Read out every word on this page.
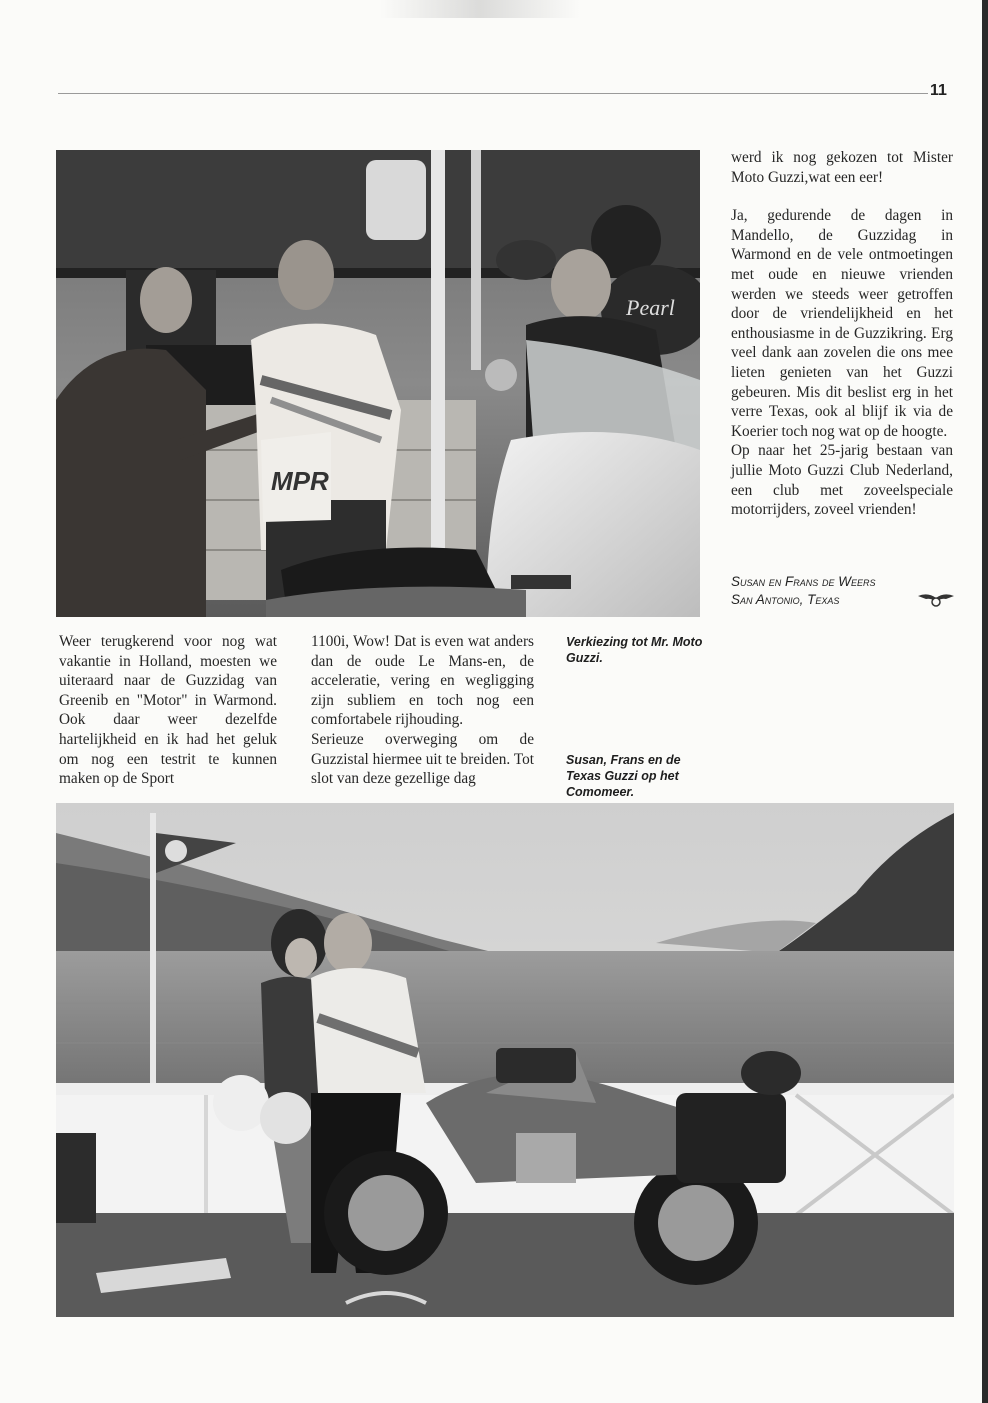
11
Pearl
MPR

werd ik nog gekozen tot Mister Moto Guzzi,wat een eer!

Ja, gedurende de dagen in Mandello, de Guzzidag in Warmond en de vele ontmoetingen met oude en nieuwe vrienden werden we steeds weer getroffen door de vriendelijkheid en het enthousiasme in de Guzzikring. Erg veel dank aan zovelen die ons mee lieten genieten van het Guzzi gebeuren. Mis dit beslist erg in het verre Texas, ook al blijf ik via de Koerier toch nog wat op de hoogte.

Op naar het 25-jarig bestaan van jullie Moto Guzzi Club Nederland, een club met zoveelspeciale motorrijders, zoveel vrienden!

Susan en Frans de Weers
San Antonio, Texas

Weer terugkerend voor nog wat vakantie in Holland, moesten we uiteraard naar de Guzzidag van Greenib en "Motor" in Warmond. Ook daar weer dezelfde hartelijkheid en ik had het geluk om nog een testrit te kunnen maken op de Sport

1100i, Wow! Dat is even wat anders dan de oude Le Mans-en, de acceleratie, vering en wegligging zijn subliem en toch nog een comfortabele rijhouding.

Serieuze overweging om de Guzzistal hiermee uit te breiden. Tot slot van deze gezellige dag

Verkiezing tot Mr. Moto Guzzi.
Susan, Frans en de Texas Guzzi op het Comomeer.
